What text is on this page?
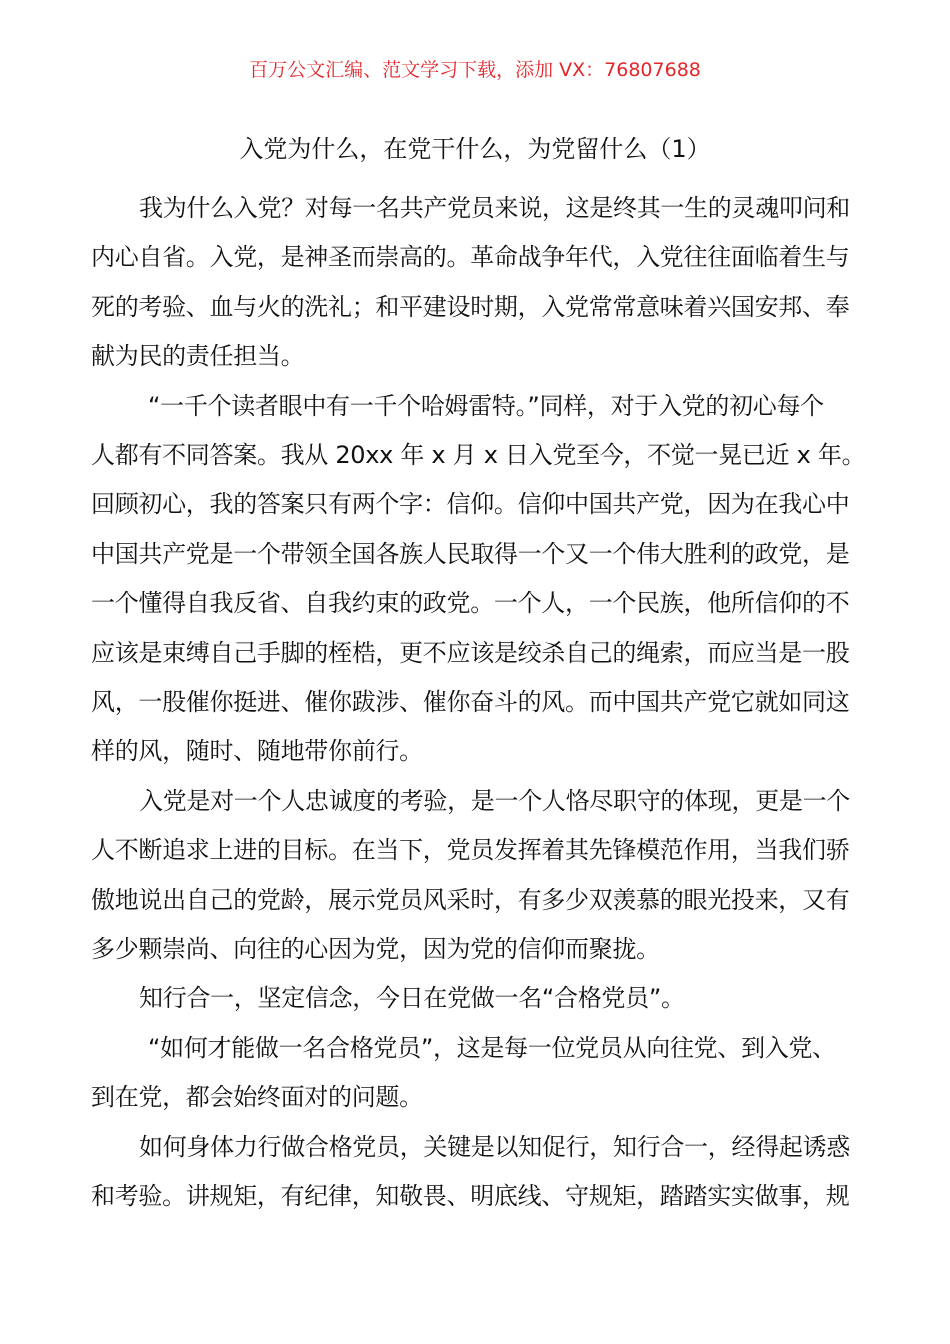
百万公文汇编、范文学习下载，添加 VX：76807688
入党为什么，在党干什么，为党留什么（1）
我为什么入党？对每一名共产党员来说，这是终其一生的灵魂叩问和
内心自省。入党，是神圣而崇高的。革命战争年代，入党往往面临着生与
死的考验、血与火的洗礼；和平建设时期，入党常常意味着兴国安邦、奉
献为民的责任担当。
“一千个读者眼中有一千个哈姆雷特。”同样，对于入党的初心每个
人都有不同答案。我从 20xx 年 x 月 x 日入党至今，不觉一晃已近 x 年。
回顾初心，我的答案只有两个字：信仰。信仰中国共产党，因为在我心中
中国共产党是一个带领全国各族人民取得一个又一个伟大胜利的政党，是
一个懂得自我反省、自我约束的政党。一个人，一个民族，他所信仰的不
应该是束缚自己手脚的桎梏，更不应该是绞杀自己的绳索，而应当是一股
风，一股催你挺进、催你跋涉、催你奋斗的风。而中国共产党它就如同这
样的风，随时、随地带你前行。
入党是对一个人忠诚度的考验，是一个人恪尽职守的体现，更是一个
人不断追求上进的目标。在当下，党员发挥着其先锋模范作用，当我们骄
傲地说出自己的党龄，展示党员风采时，有多少双羡慕的眼光投来，又有
多少颗崇尚、向往的心因为党，因为党的信仰而聚拢。
知行合一，坚定信念，今日在党做一名“合格党员”。
“如何才能做一名合格党员”，这是每一位党员从向往党、到入党、
到在党，都会始终面对的问题。
如何身体力行做合格党员，关键是以知促行，知行合一，经得起诱惑
和考验。讲规矩，有纪律，知敬畏、明底线、守规矩，踏踏实实做事，规
